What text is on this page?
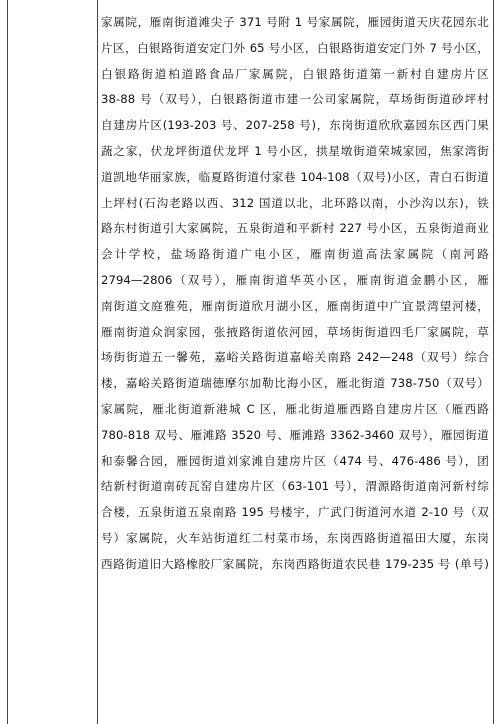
家属院，雁南街道滩尖子 371 号附 1 号家属院，雁园街道天庆花园东北
片区，白银路街道安定门外 65 号小区，白银路街道安定门外 7 号小区，
白银路街道柏道路食品厂家属院，白银路街道第一新村自建房片区
38-88 号（双号），白银路街道市建一公司家属院，草场街街道砂坪村
自建房片区(193-203 号、207-258 号)，东岗街道欣欣嘉园东区西门果
蔬之家，伏龙坪街道伏龙坪 1 号小区，拱星墩街道荣城家园，焦家湾街
道凯地华丽家族，临夏路街道付家巷 104-108（双号)小区，青白石街道
上坪村(石沟老路以西、312 国道以北，北环路以南，小沙沟以东)，铁
路东村街道引大家属院，五泉街道和平新村 227 号小区，五泉街道商业
会计学校，盐场路街道广电小区，雁南街道高法家属院（南河路
2794—2806（双号），雁南街道华英小区，雁南街道金鹏小区，雁
南街道文庭雅苑，雁南街道欣月湖小区，雁南街道中广宜景湾望河楼，
雁南街道众润家园，张掖路街道依河园，草场街街道四毛厂家属院，草
场街街道五一馨苑，嘉峪关路街道嘉峪关南路 242—248（双号）综合
楼，嘉峪关路街道瑞德摩尔加勒比海小区，雁北街道 738-750（双号）
家属院，雁北街道新港城 C 区，雁北街道雁西路自建房片区（雁西路
780-818 双号、雁滩路 3520 号、雁滩路 3362-3460 双号），雁园街道
和泰馨合园，雁园街道刘家滩自建房片区（474 号、476-486 号），团
结新村街道南砖瓦窑自建房片区（63-101 号），渭源路街道南河新村综
合楼，五泉街道五泉南路 195 号楼宇，广武门街道河水道 2-10 号（双
号）家属院，火车站街道红二村菜市场，东岗西路街道福田大厦，东岗
西路街道旧大路橡胶厂家属院，东岗西路街道农民巷 179-235 号 (单号)
